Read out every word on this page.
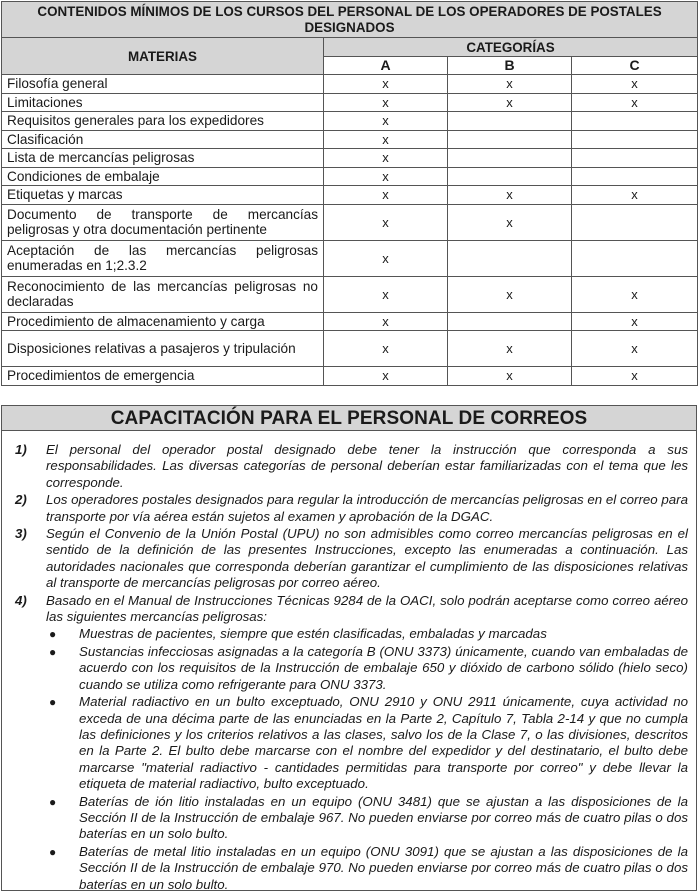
CONTENIDOS MÍNIMOS DE LOS CURSOS DEL PERSONAL DE LOS OPERADORES DE POSTALES DESIGNADOS			
MATERIAS	CATEGORÍAS		
	A	B	C
Filosofía general	x	x	x
Limitaciones	x	x	x
Requisitos generales para los expedidores	x		
Clasificación	x		
Lista de mercancías peligrosas	x		
Condiciones de embalaje	x		
Etiquetas y marcas	x	x	x
Documento de transporte de mercancías peligrosas y otra documentación pertinente	x	x	
Aceptación de las mercancías peligrosas enumeradas en 1;2.3.2	x		
Reconocimiento de las mercancías peligrosas no declaradas	x	x	x
Procedimiento de almacenamiento y carga	x		x
Disposiciones relativas a pasajeros y tripulación	x	x	x
Procedimientos de emergencia	x	x	x
CAPACITACIÓN PARA EL PERSONAL DE CORREOS
1) El personal del operador postal designado debe tener la instrucción que corresponda a sus responsabilidades. Las diversas categorías de personal deberían estar familiarizadas con el tema que les corresponde.
2) Los operadores postales designados para regular la introducción de mercancías peligrosas en el correo para transporte por vía aérea están sujetos al examen y aprobación de la DGAC.
3) Según el Convenio de la Unión Postal (UPU) no son admisibles como correo mercancías peligrosas en el sentido de la definición de las presentes Instrucciones, excepto las enumeradas a continuación. Las autoridades nacionales que corresponda deberían garantizar el cumplimiento de las disposiciones relativas al transporte de mercancías peligrosas por correo aéreo.
4) Basado en el Manual de Instrucciones Técnicas 9284 de la OACI, solo podrán aceptarse como correo aéreo las siguientes mercancías peligrosas:
● Muestras de pacientes, siempre que estén clasificadas, embaladas y marcadas
● Sustancias infecciosas asignadas a la categoría B (ONU 3373) únicamente, cuando van embaladas de acuerdo con los requisitos de la Instrucción de embalaje 650 y dióxido de carbono sólido (hielo seco) cuando se utiliza como refrigerante para ONU 3373.
● Material radiactivo en un bulto exceptuado, ONU 2910 y ONU 2911 únicamente, cuya actividad no exceda de una décima parte de las enunciadas en la Parte 2, Capítulo 7, Tabla 2-14 y que no cumpla las definiciones y los criterios relativos a las clases, salvo los de la Clase 7, o las divisiones, descritos en la Parte 2. El bulto debe marcarse con el nombre del expedidor y del destinatario, el bulto debe marcarse "material radiactivo - cantidades permitidas para transporte por correo" y debe llevar la etiqueta de material radiactivo, bulto exceptuado.
● Baterías de ión litio instaladas en un equipo (ONU 3481) que se ajustan a las disposiciones de la Sección II de la Instrucción de embalaje 967. No pueden enviarse por correo más de cuatro pilas o dos baterías en un solo bulto.
● Baterías de metal litio instaladas en un equipo (ONU 3091) que se ajustan a las disposiciones de la Sección II de la Instrucción de embalaje 970. No pueden enviarse por correo más de cuatro pilas o dos baterías en un solo bulto.
